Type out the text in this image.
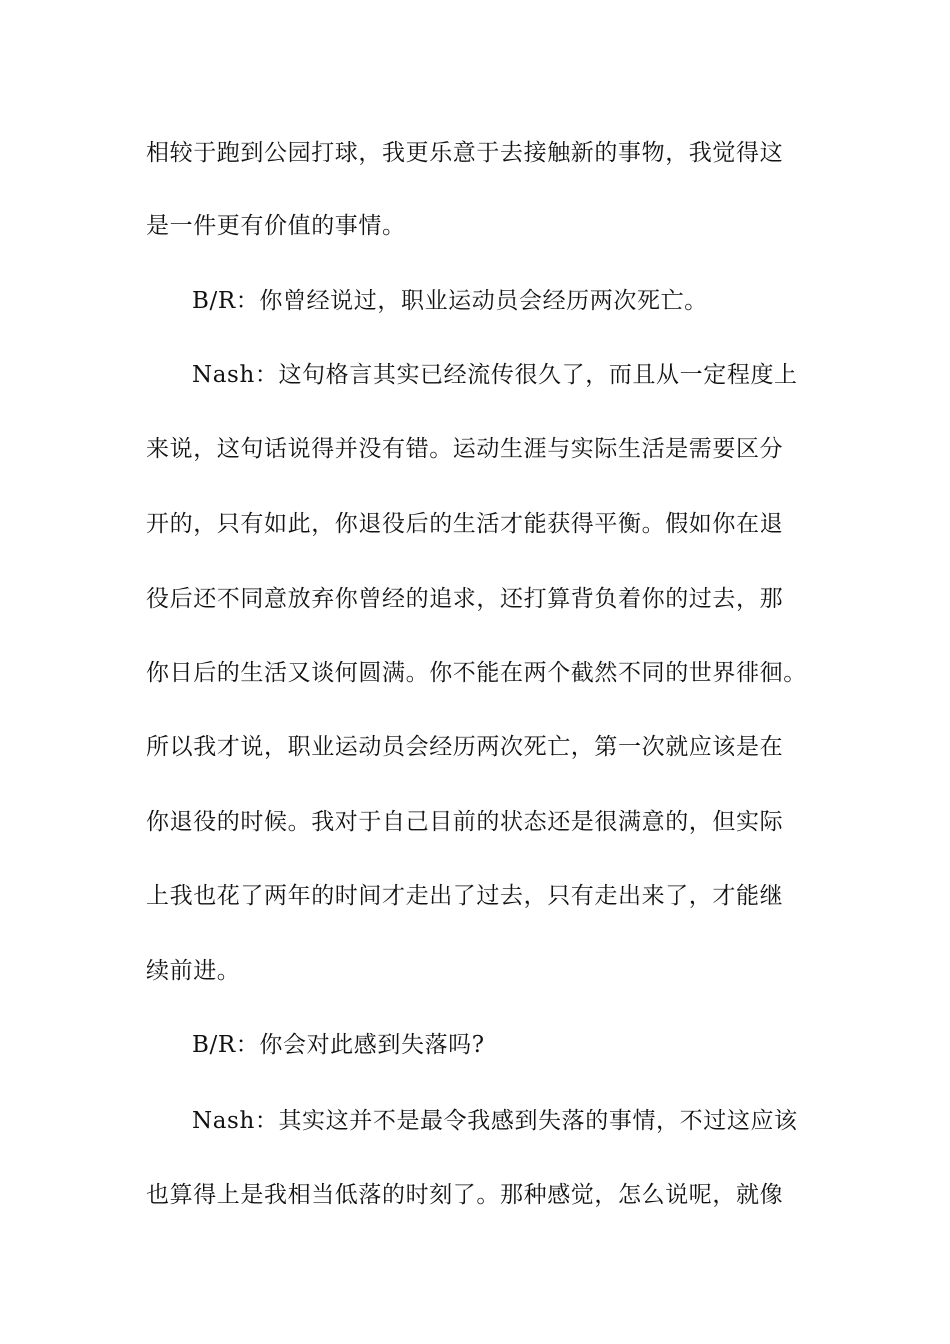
相较于跑到公园打球，我更乐意于去接触新的事物，我觉得这
是一件更有价值的事情。
B/R：你曾经说过，职业运动员会经历两次死亡。
Nash：这句格言其实已经流传很久了，而且从一定程度上
来说，这句话说得并没有错。运动生涯与实际生活是需要区分
开的，只有如此，你退役后的生活才能获得平衡。假如你在退
役后还不同意放弃你曾经的追求，还打算背负着你的过去，那
你日后的生活又谈何圆满。你不能在两个截然不同的世界徘徊。
所以我才说，职业运动员会经历两次死亡，第一次就应该是在
你退役的时候。我对于自己目前的状态还是很满意的，但实际
上我也花了两年的时间才走出了过去，只有走出来了，才能继
续前进。
B/R：你会对此感到失落吗?
Nash：其实这并不是最令我感到失落的事情，不过这应该
也算得上是我相当低落的时刻了。那种感觉，怎么说呢，就像
